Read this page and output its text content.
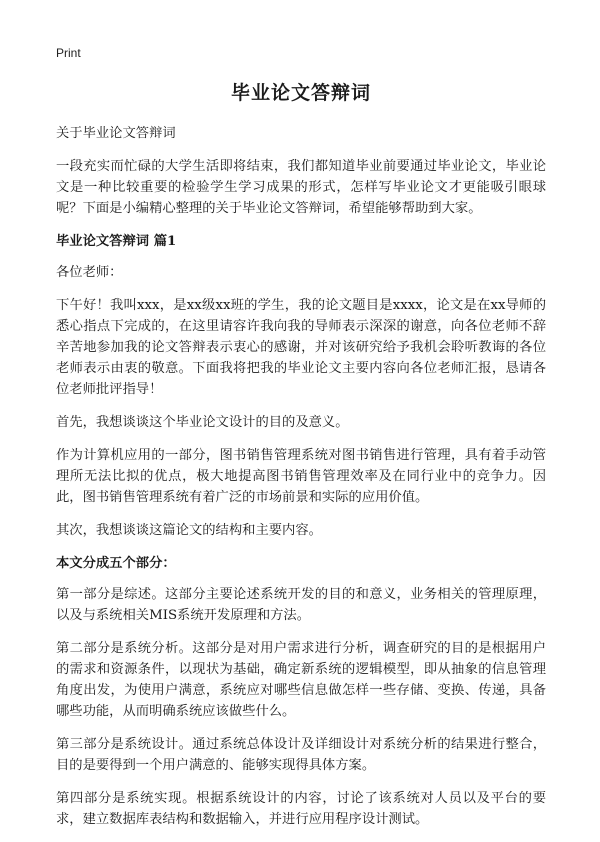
Print
毕业论文答辩词
关于毕业论文答辩词
一段充实而忙碌的大学生活即将结束，我们都知道毕业前要通过毕业论文，毕业论文是一种比较重要的检验学生学习成果的形式，怎样写毕业论文才更能吸引眼球呢？下面是小编精心整理的关于毕业论文答辩词，希望能够帮助到大家。
毕业论文答辩词 篇1
各位老师：
下午好！我叫xxx，是xx级xx班的学生，我的论文题目是xxxx，论文是在xx导师的悉心指点下完成的，在这里请容许我向我的导师表示深深的谢意，向各位老师不辞辛苦地参加我的论文答辩表示衷心的感谢，并对该研究给予我机会聆听教诲的各位老师表示由衷的敬意。下面我将把我的毕业论文主要内容向各位老师汇报，恳请各位老师批评指导！
首先，我想谈谈这个毕业论文设计的目的及意义。
作为计算机应用的一部分，图书销售管理系统对图书销售进行管理，具有着手动管理所无法比拟的优点，极大地提高图书销售管理效率及在同行业中的竞争力。因此，图书销售管理系统有着广泛的市场前景和实际的应用价值。
其次，我想谈谈这篇论文的结构和主要内容。
本文分成五个部分：
第一部分是综述。这部分主要论述系统开发的目的和意义，业务相关的管理原理，以及与系统相关MIS系统开发原理和方法。
第二部分是系统分析。这部分是对用户需求进行分析，调查研究的目的是根据用户的需求和资源条件，以现状为基础，确定新系统的逻辑模型，即从抽象的信息管理角度出发，为使用户满意，系统应对哪些信息做怎样一些存储、变换、传递，具备哪些功能，从而明确系统应该做些什么。
第三部分是系统设计。通过系统总体设计及详细设计对系统分析的结果进行整合，目的是要得到一个用户满意的、能够实现得具体方案。
第四部分是系统实现。根据系统设计的内容，讨论了该系统对人员以及平台的要求，建立数据库表结构和数据输入，并进行应用程序设计测试。
